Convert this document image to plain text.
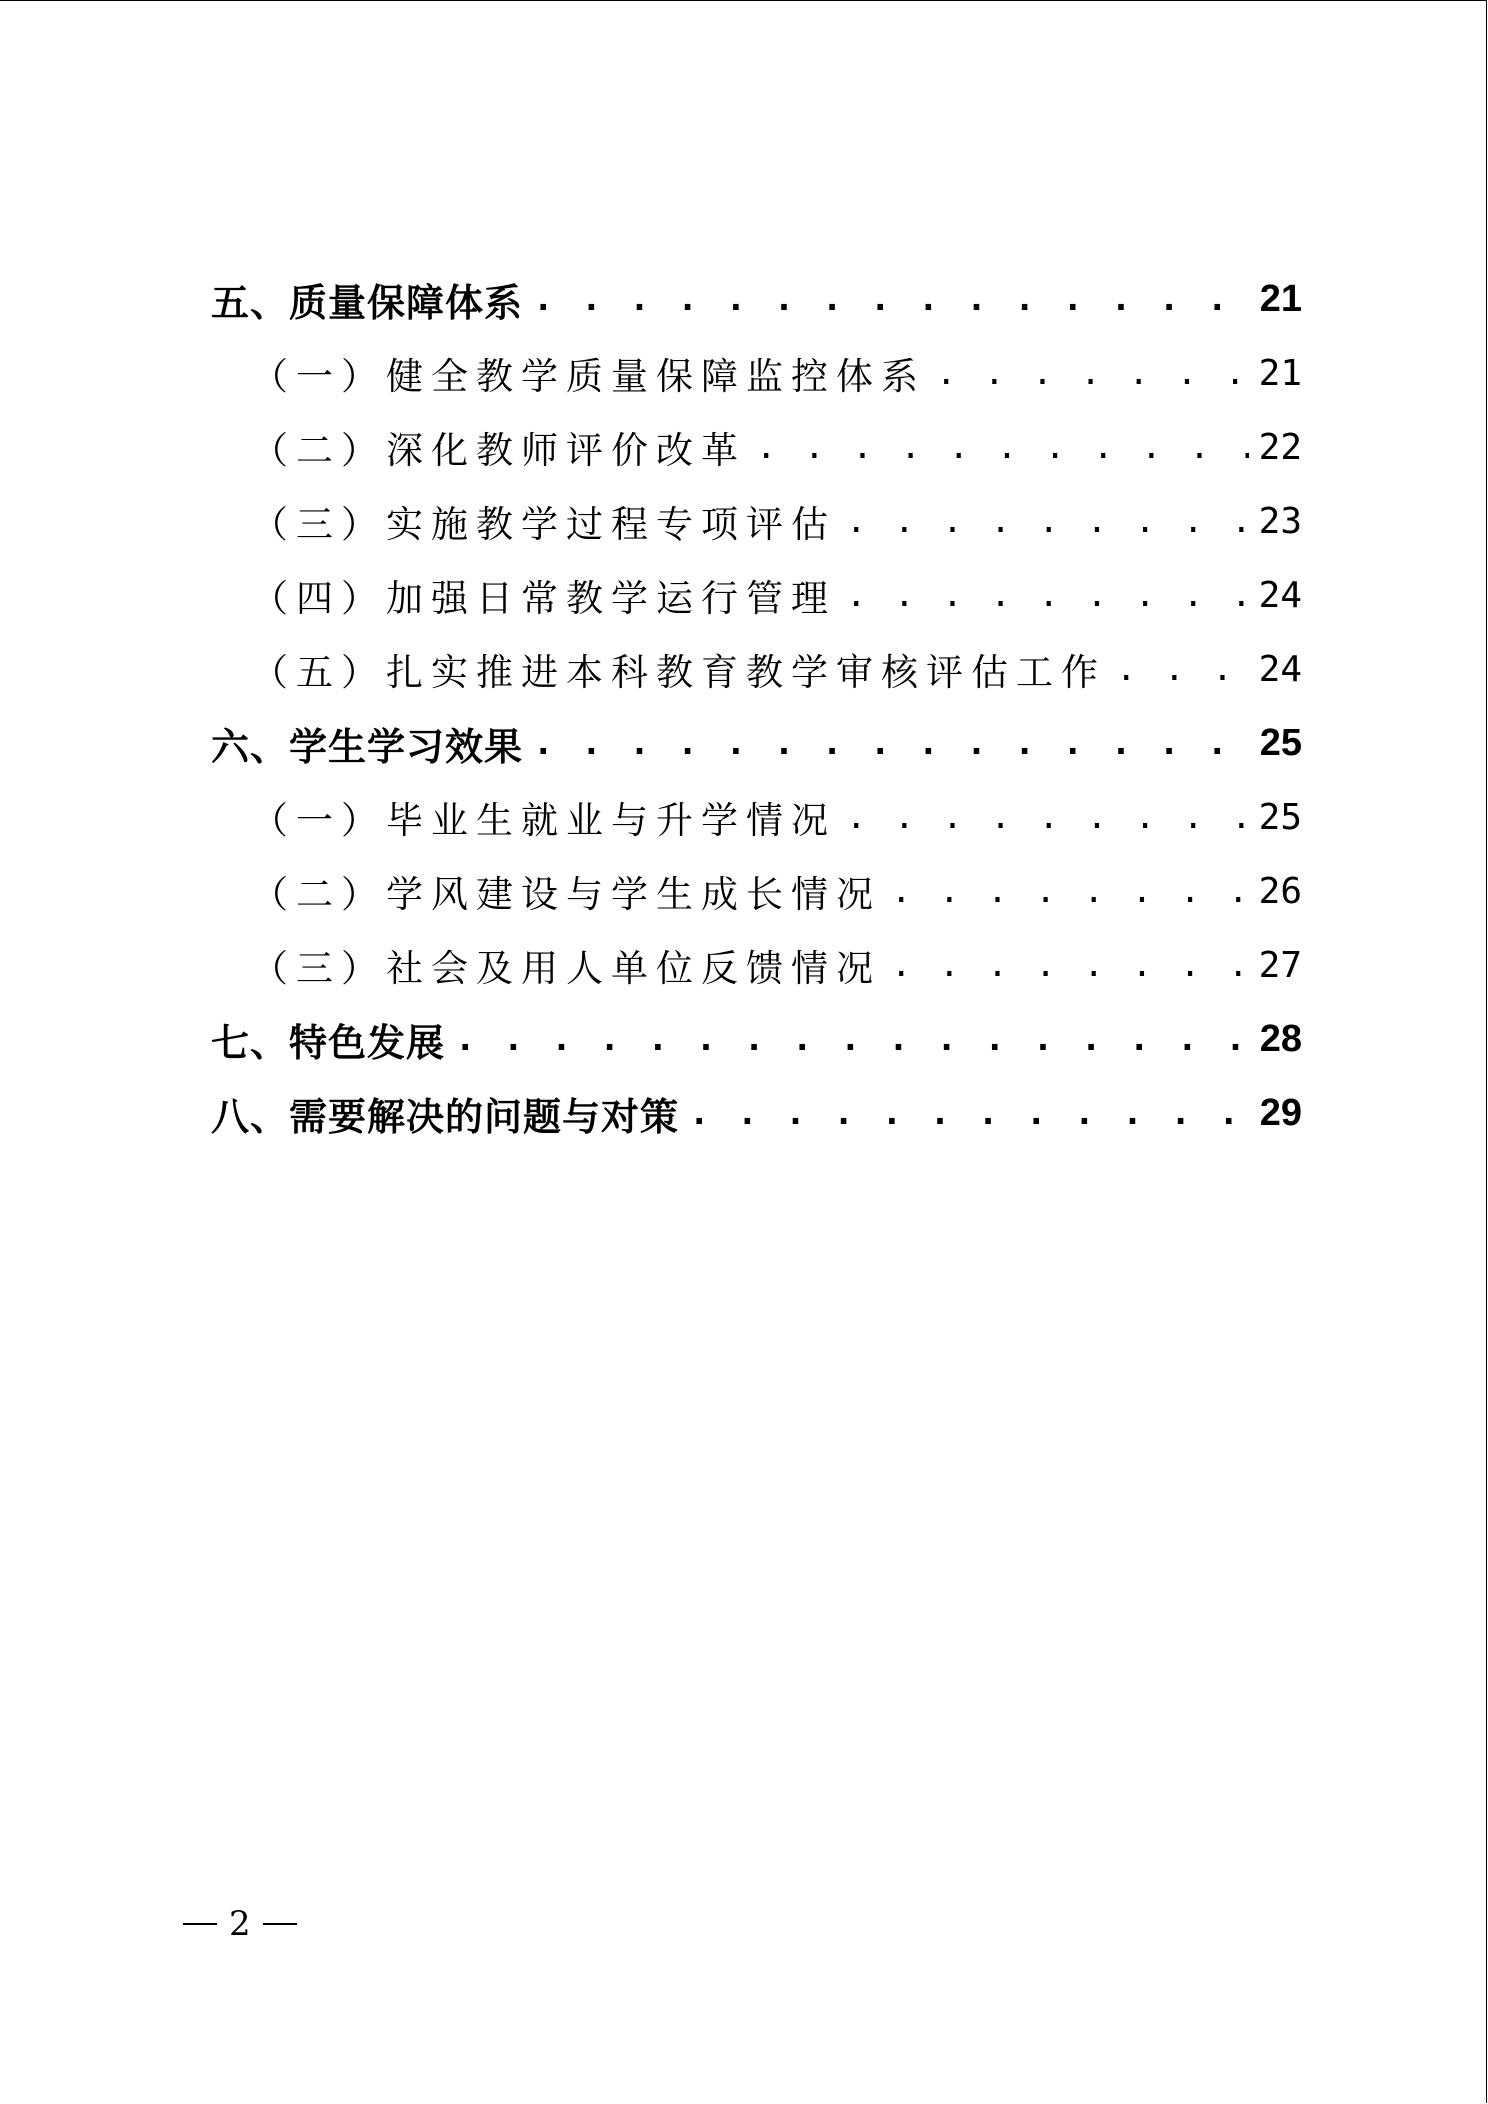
五、质量保障体系 . . .	21
（一）健全教学质量保障监控体系 . . .	21
（二）深化教师评价改革 . . .	22
（三）实施教学过程专项评估 . . .	23
（四）加强日常教学运行管理 . . .	24
（五）扎实推进本科教育教学审核评估工作 . . .	24
六、学生学习效果 . . .	25
（一）毕业生就业与升学情况 . . .	25
（二）学风建设与学生成长情况 . . .	26
（三）社会及用人单位反馈情况 . . .	27
七、特色发展 . . .	28
八、需要解决的问题与对策 . . .	29
2
